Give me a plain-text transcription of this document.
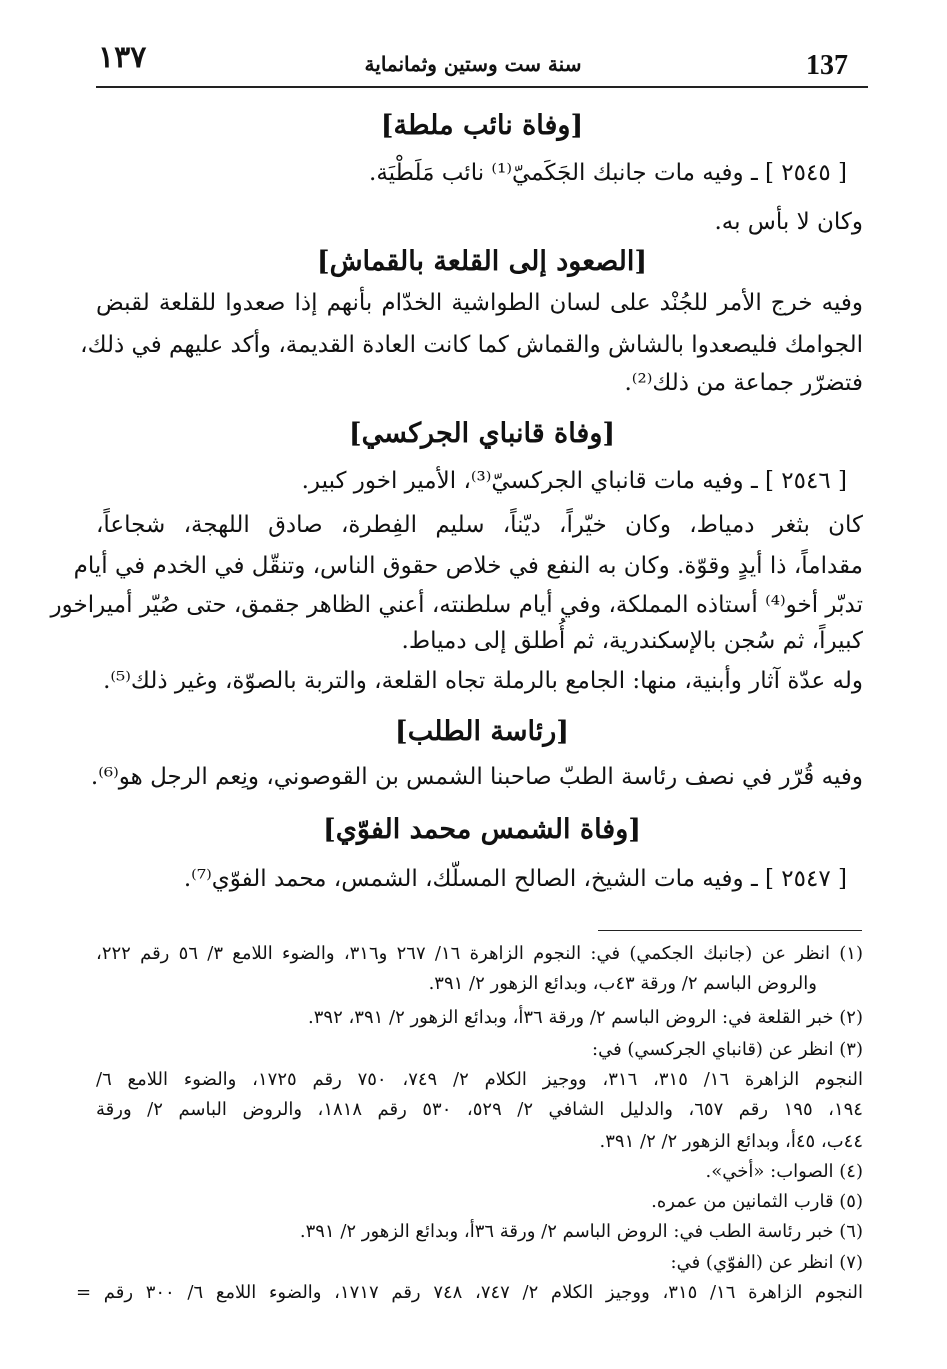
١٣٧	سنة ست وستين وثمانماية	137
[وفاة نائب ملطة]
[ ٢٥٤٥ ] ـ وفيه مات جانبك الجَكَميّ⁽¹⁾ نائب مَلَطْيَة.
وكان لا بأس به.
[الصعود إلى القلعة بالقماش]
وفيه خرج الأمر للجُنْد على لسان الطواشية الخدّام بأنهم إذا صعدوا للقلعة لقبض
الجوامك فليصعدوا بالشاش والقماش كما كانت العادة القديمة، وأكد عليهم في ذلك،
فتضرّر جماعة من ذلك⁽²⁾.
[وفاة قانباي الجركسي]
[ ٢٥٤٦ ] ـ وفيه مات قانباي الجركسيّ⁽³⁾، الأمير اخور كبير.
كان بثغر دمياط، وكان خيّراً، ديّناً، سليم الفِطرة، صادق اللهجة، شجاعاً،
مقداماً، ذا أيدٍ وقوّة. وكان به النفع في خلاص حقوق الناس، وتنقّل في الخدم في أيام
تدبّر أخو⁽⁴⁾ أستاذه المملكة، وفي أيام سلطنته، أعني الظاهر جقمق، حتى صُيّر أميراخور
كبيراً، ثم سُجن بالإسكندرية، ثم أُطلق إلى دمياط.
وله عدّة آثار وأبنية، منها: الجامع بالرملة تجاه القلعة، والتربة بالصوّة، وغير ذلك⁽⁵⁾.
[رئاسة الطلب]
وفيه قُرّر في نصف رئاسة الطبّ صاحبنا الشمس بن القوصوني، ونِعم الرجل هو⁽⁶⁾.
[وفاة الشمس محمد الفوّي]
[ ٢٥٤٧ ] ـ وفيه مات الشيخ، الصالح المسلّك، الشمس، محمد الفوّي⁽⁷⁾.
(١) انظر عن (جانبك الجكمي) في: النجوم الزاهرة ١٦/ ٢٦٧ و٣١٦، والضوء اللامع ٣/ ٥٦ رقم ٢٢٢،
والروض الباسم ٢/ ورقة ٤٣ب، وبدائع الزهور ٢/ ٣٩١.
(٢) خبر القلعة في: الروض الباسم ٢/ ورقة ٣٦أ، وبدائع الزهور ٢/ ٣٩١، ٣٩٢.
(٣) انظر عن (قانباي الجركسي) في:
النجوم الزاهرة ١٦/ ٣١٥، ٣١٦، ووجيز الكلام ٢/ ٧٤٩، ٧٥٠ رقم ١٧٢٥، والضوء اللامع ٦/
١٩٤، ١٩٥ رقم ٦٥٧، والدليل الشافي ٢/ ٥٢٩، ٥٣٠ رقم ١٨١٨، والروض الباسم ٢/ ورقة
٤٤ب، ٤٥أ، وبدائع الزهور ٢/ ٢/ ٣٩١.
(٤) الصواب: «أخي».
(٥) قارب الثمانين من عمره.
(٦) خبر رئاسة الطب في: الروض الباسم ٢/ ورقة ٣٦أ، وبدائع الزهور ٢/ ٣٩١.
(٧) انظر عن (الفوّي) في:
النجوم الزاهرة ١٦/ ٣١٥، ووجيز الكلام ٢/ ٧٤٧، ٧٤٨ رقم ١٧١٧، والضوء اللامع ٦/ ٣٠٠ رقم =
